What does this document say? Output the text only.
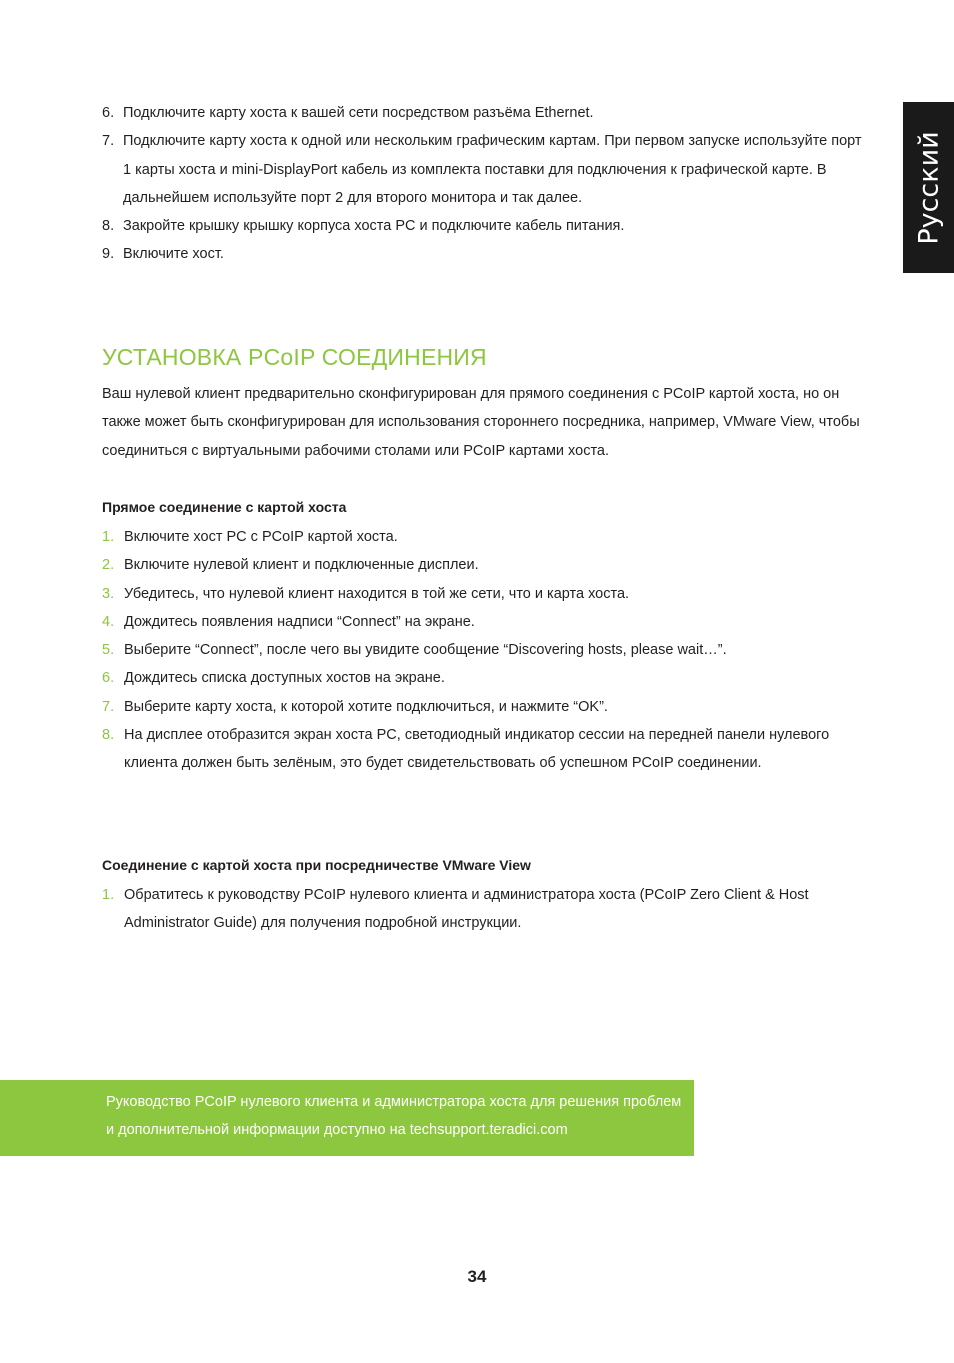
Русский
6. Подключите карту хоста к вашей сети посредством разъёма Ethernet.
7. Подключите карту хоста к одной или нескольким графическим картам. При первом запуске используйте порт 1 карты хоста и mini-DisplayPort кабель из комплекта поставки для подключения к графической карте. В дальнейшем используйте порт 2 для второго монитора и так далее.
8. Закройте крышку крышку корпуса хоста PC и подключите кабель питания.
9. Включите хост.
УСТАНОВКА PCoIP СОЕДИНЕНИЯ

Ваш нулевой клиент предварительно сконфигурирован для прямого соединения с PCoIP картой хоста, но он также может быть сконфигурирован для использования стороннего посредника, например, VMware View, чтобы соединиться с виртуальными рабочими столами или PCoIP картами хоста.

Прямое соединение с картой хоста
1. Включите хост PC с PCoIP картой хоста.
2. Включите нулевой клиент и подключенные дисплеи.
3. Убедитесь, что нулевой клиент находится в той же сети, что и карта хоста.
4. Дождитесь появления надписи “Connect” на экране.
5. Выберите “Connect”, после чего вы увидите сообщение “Discovering hosts, please wait…”.
6. Дождитесь списка доступных хостов на экране.
7. Выберите карту хоста, к которой хотите подключиться, и нажмите “OK”.
8. На дисплее отобразится экран хоста PC, светодиодный индикатор сессии на передней панели нулевого клиента должен быть зелёным, это будет свидетельствовать об успешном PCoIP соединении.
Соединение с картой хоста при посредничестве VMware View
1. Обратитесь к руководству PCoIP нулевого клиента и администратора хоста (PCoIP Zero Client & Host Administrator Guide) для получения подробной инструкции.

Руководство PCoIP нулевого клиента и администратора хоста для решения проблем и дополнительной информации доступно на techsupport.teradici.com

34
